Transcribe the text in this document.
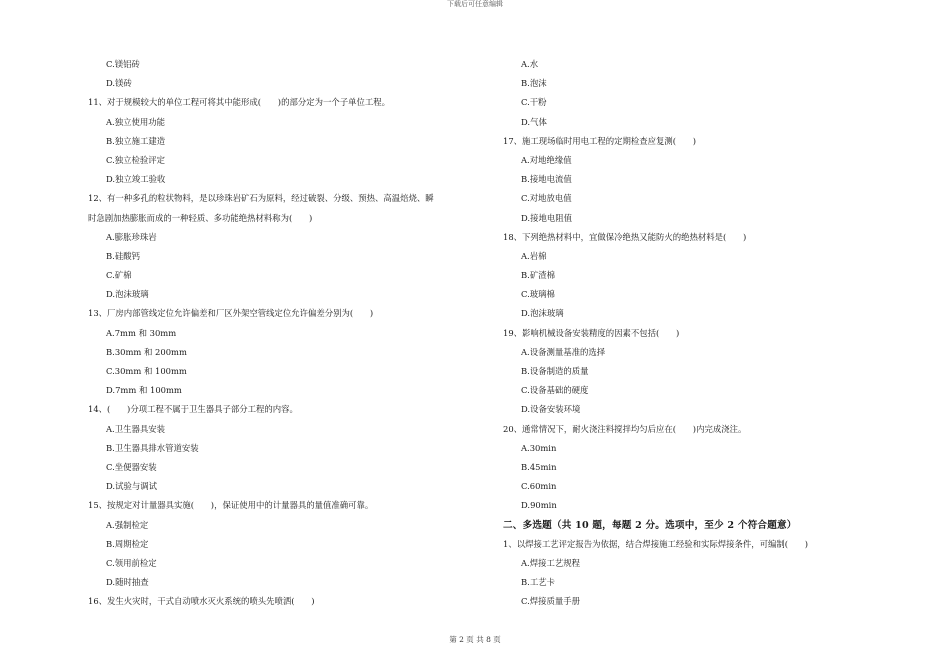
下载后可任意编辑
C.镁铝砖
D.镁砖
11、对于规模较大的单位工程可将其中能形成(　　)的部分定为一个子单位工程。
A.独立使用功能
B.独立施工建造
C.独立检验评定
D.独立竣工验收
12、有一种多孔的粒状物料，是以珍珠岩矿石为原料，经过破裂、分级、预热、高温焙烧、瞬
时急剧加热膨胀而成的一种轻质、多功能绝热材料称为(　　)
A.膨胀珍珠岩
B.硅酸钙
C.矿棉
D.泡沫玻璃
13、厂房内部管线定位允许偏差和厂区外架空管线定位允许偏差分别为(　　)
A.7mm 和 30mm
B.30mm 和 200mm
C.30mm 和 100mm
D.7mm 和 100mm
14、(　　)分项工程不属于卫生器具子部分工程的内容。
A.卫生器具安装
B.卫生器具排水管道安装
C.坐便器安装
D.试验与调试
15、按规定对计量器具实施(　　)，保证使用中的计量器具的量值准确可靠。
A.强制检定
B.周期检定
C.领用前检定
D.随时抽查
16、发生火灾时，干式自动喷水灭火系统的喷头先喷洒(　　)
A.水
B.泡沫
C.干粉
D.气体
17、施工现场临时用电工程的定期检查应复测(　　)
A.对地绝缘值
B.接地电流值
C.对地放电值
D.接地电阻值
18、下列绝热材料中，宜做保冷绝热又能防火的绝热材料是(　　)
A.岩棉
B.矿渣棉
C.玻璃棉
D.泡沫玻璃
19、影响机械设备安装精度的因素不包括(　　)
A.设备测量基准的选择
B.设备制造的质量
C.设备基础的硬度
D.设备安装环境
20、通常情况下，耐火浇注料搅拌均匀后应在(　　)内完成浇注。
A.30min
B.45min
C.60min
D.90min
二、多选题（共 10 题，每题 2 分。选项中，至少 2 个符合题意）
1、以焊接工艺评定报告为依据，结合焊接施工经验和实际焊接条件，可编制(　　)
A.焊接工艺规程
B.工艺卡
C.焊接质量手册
第 2 页 共 8 页
